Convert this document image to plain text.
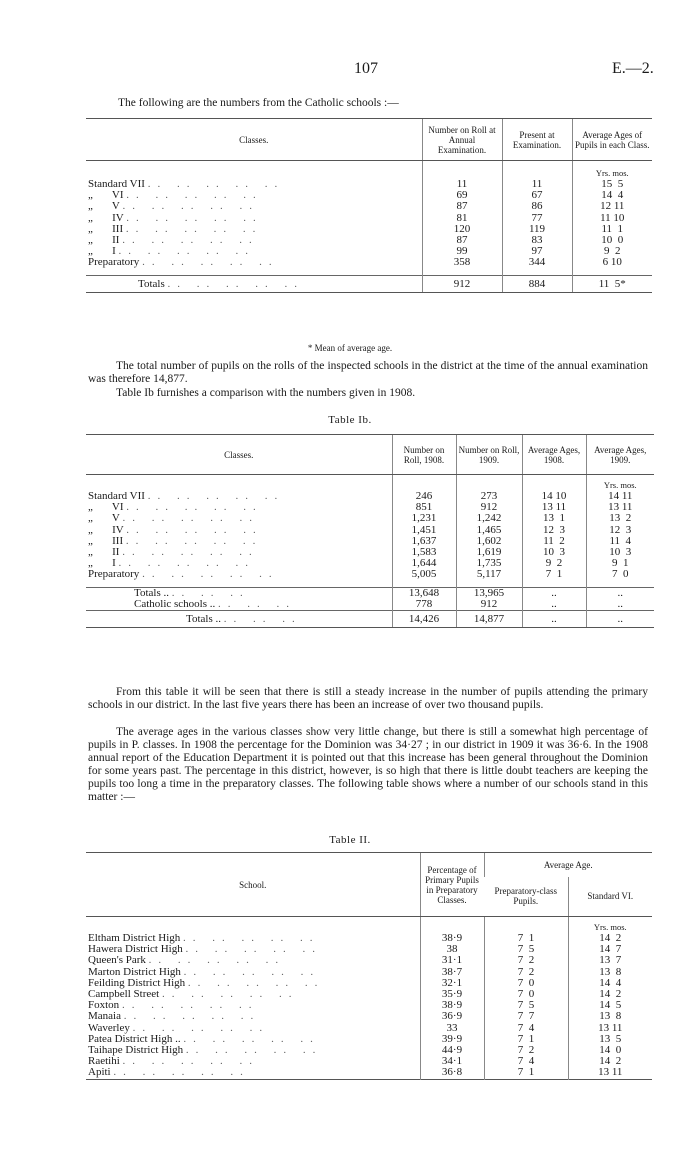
107	E.—2.

The following are the numbers from the Catholic schools :—

Classes.	Number on Roll at Annual Examination.	Present at Examination.	Average Ages of Pupils in each Class.
			Yrs. mos.
Standard VII .. .. .. .. ..	11	11	15  5
„       VI .. .. .. .. ..	69	67	14  4
„       V .. .. .. .. ..	87	86	12 11
„       IV .. .. .. .. ..	81	77	11 10
„       III .. .. .. .. ..	120	119	11  1
„       II .. .. .. .. ..	87	83	10  0
„       I .. .. .. .. ..	99	97	9  2
Preparatory .. .. .. .. ..	358	344	6 10

Totals .. .. .. .. ..	912	884	11  5*
* Mean of average age.

The total number of pupils on the rolls of the inspected schools in the district at the time of the annual examination was therefore 14,877.

Table Ib furnishes a comparison with the numbers given in 1908.

Table Ib.
Classes.	Number on Roll, 1908.	Number on Roll, 1909.	Average Ages, 1908.	Average Ages, 1909.
				Yrs. mos.
Standard VII .. .. .. .. ..	246	273	14 10	14 11
„       VI .. .. .. .. ..	851	912	13 11	13 11
„       V .. .. .. .. ..	1,231	1,242	13  1	13  2
„       IV .. .. .. .. ..	1,451	1,465	12  3	12  3
„       III .. .. .. .. ..	1,637	1,602	11  2	11  4
„       II .. .. .. .. ..	1,583	1,619	10  3	10  3
„       I .. .. .. .. ..	1,644	1,735	9  2	9  1
Preparatory .. .. .. .. ..	5,005	5,117	7  1	7  0

Totals .. .. .. ..	13,648	13,965	..	..
Catholic schools .. .. .. ..	778	912	..	..
Totals .. .. .. ..	14,426	14,877	..	..

From this table it will be seen that there is still a steady increase in the number of pupils attending the primary schools in our district. In the last five years there has been an increase of over two thousand pupils.

The average ages in the various classes show very little change, but there is still a somewhat high percentage of pupils in P. classes. In 1908 the percentage for the Dominion was 34·27 ; in our district in 1909 it was 36·6. In the 1908 annual report of the Education Department it is pointed out that this increase has been general throughout the Dominion for some years past. The percentage in this district, however, is so high that there is little doubt teachers are keeping the pupils too long a time in the preparatory classes. The following table shows where a number of our schools stand in this matter :—

Table II.
School.	Percentage of Primary Pupils in Preparatory Classes.	Average Age.	
		Preparatory-class Pupils.	Standard VI.
			Yrs. mos.
Eltham District High .. .. .. .. ..	38·9	7  1	14  2
Hawera District High .. .. .. .. ..	38	7  5	14  7
Queen's Park .. .. .. .. ..	31·1	7  2	13  7
Marton District High .. .. .. .. ..	38·7	7  2	13  8
Feilding District High .. .. .. .. ..	32·1	7  0	14  4
Campbell Street .. .. .. .. ..	35·9	7  0	14  2
Foxton .. .. .. .. ..	38·9	7  5	14  5
Manaia .. .. .. .. ..	36·9	7  7	13  8
Waverley .. .. .. .. ..	33	7  4	13 11
Patea District High .. .. .. .. .. ..	39·9	7  1	13  5
Taihape District High .. .. .. .. ..	44·9	7  2	14  0
Raetihi .. .. .. .. ..	34·1	7  4	14  2
Apiti .. .. .. .. ..	36·8	7  1	13 11
